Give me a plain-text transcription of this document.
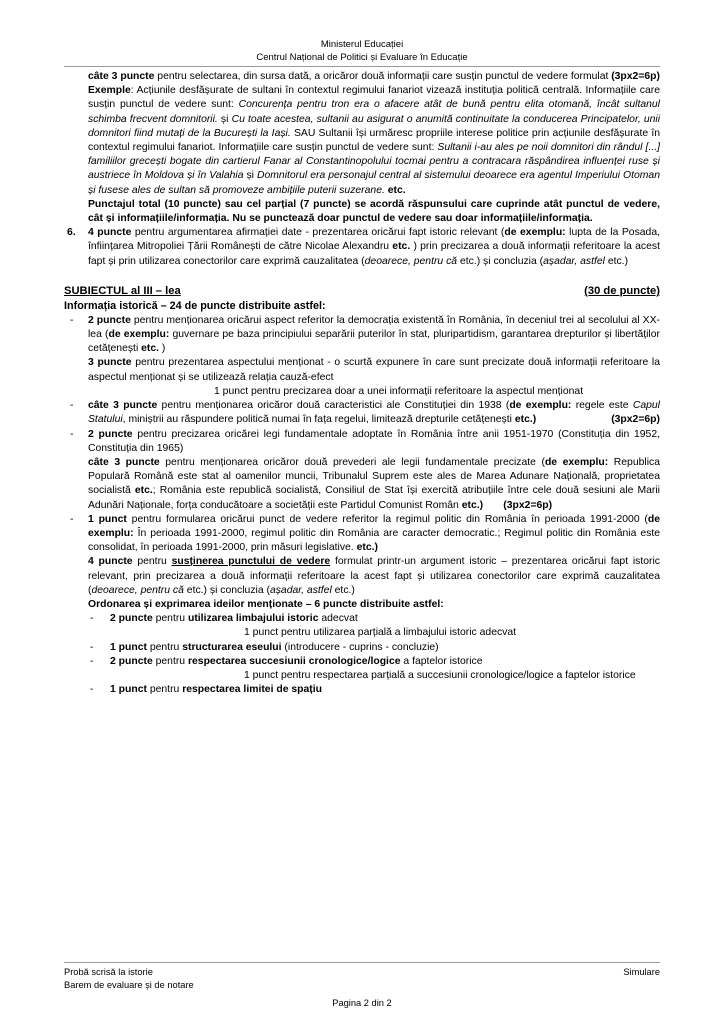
Ministerul Educației
Centrul Național de Politici și Evaluare în Educație

câte 3 puncte pentru selectarea, din sursa dată, a oricăror două informații care susțin punctul de vedere formulat

(3px2=6p)

Exemple: Acțiunile desfășurate de sultani în contextul regimului fanariot vizează instituția politică centrală. Informațiile care susțin punctul de vedere sunt: Concurența pentru tron era o afacere atât de bună pentru elita otomană, încât sultanul schimba frecvent domnitorii. și Cu toate acestea, sultanii au asigurat o anumită continuitate la conducerea Principatelor, unii domnitori fiind mutați de la București la Iași. SAU Sultanii își urmăresc propriile interese politice prin acțiunile desfășurate în contextul regimului fanariot. Informațiile care susțin punctul de vedere sunt: Sultanii i-au ales pe noii domnitori din rândul [...] familiilor grecești bogate din cartierul Fanar al Constantinopolului tocmai pentru a contracara răspândirea influenței ruse și austriece în Moldova și în Valahia și Domnitorul era personajul central al sistemului deoarece era agentul Imperiului Otoman și fusese ales de sultan să promoveze ambițiile puterii suzerane. etc.

Punctajul total (10 puncte) sau cel parțial (7 puncte) se acordă răspunsului care cuprinde atât punctul de vedere, cât și informațiile/informația. Nu se punctează doar punctul de vedere sau doar informațiile/informația.

6.	4 puncte pentru argumentarea afirmației date - prezentarea oricărui fapt istoric relevant (de exemplu: lupta de la Posada, înființarea Mitropoliei Țării Românești de către Nicolae Alexandru etc. ) prin precizarea a două informații referitoare la acest fapt și prin utilizarea conectorilor care exprimă cauzalitatea (deoarece, pentru că etc.) și concluzia (așadar, astfel etc.)

SUBIECTUL al III – lea	(30 de puncte)
Informația istorică – 24 de puncte distribuite astfel:

- 2 puncte pentru menționarea oricărui aspect referitor la democrația existentă în România, în deceniul trei al secolului al XX-lea (de exemplu: guvernare pe baza principiului separării puterilor în stat, pluripartidism, garantarea drepturilor și libertăților cetățenești etc. )

3 puncte pentru prezentarea aspectului menționat - o scurtă expunere în care sunt precizate două informații referitoare la aspectul menționat și se utilizează relația cauză-efect

1 punct pentru precizarea doar a unei informații referitoare la aspectul menționat

- câte 3 puncte pentru menționarea oricăror două caracteristici ale Constituției din 1938 (de exemplu: regele este Capul Statului, miniștrii au răspundere politică numai în fața regelui, limitează drepturile cetățenești etc.)

	(3px2=6p)

- 2 puncte pentru precizarea oricărei legi fundamentale adoptate în România între anii 1951-1970 (Constituția din 1952, Constituția din 1965)

câte 3 puncte pentru menționarea oricăror două prevederi ale legii fundamentale precizate (de exemplu: Republica Populară Română este stat al oamenilor muncii, Tribunalul Suprem este ales de Marea Adunare Națională, proprietatea socialistă etc.; România este republică socialistă, Consiliul de Stat își exercită atribuțiile între cele două sesiuni ale Marii Adunări Naționale, forța conducătoare a societății este Partidul Comunist Român etc.) (3px2=6p)

- 1 punct pentru formularea oricărui punct de vedere referitor la regimul politic din România în perioada 1991-2000 (de exemplu: În perioada 1991-2000, regimul politic din România are caracter democratic.; Regimul politic din România este consolidat, în perioada 1991-2000, prin măsuri legislative. etc.)

4 puncte pentru susținerea punctului de vedere formulat printr-un argument istoric – prezentarea oricărui fapt istoric relevant, prin precizarea a două informații referitoare la acest fapt și utilizarea conectorilor care exprimă cauzalitatea (deoarece, pentru că etc.) și concluzia (așadar, astfel etc.)

Ordonarea și exprimarea ideilor menționate – 6 puncte distribuite astfel:

- 2 puncte pentru utilizarea limbajului istoric adecvat

1 punct pentru utilizarea parțială a limbajului istoric adecvat

- 1 punct pentru structurarea eseului (introducere - cuprins - concluzie)

- 2 puncte pentru respectarea succesiunii cronologice/logice a faptelor istorice

1 punct pentru respectarea parțială a succesiunii cronologice/logice a faptelor istorice

- 1 punct pentru respectarea limitei de spațiu

Probă scrisă la istorie	Simulare
Barem de evaluare și de notare
Pagina 2 din 2
